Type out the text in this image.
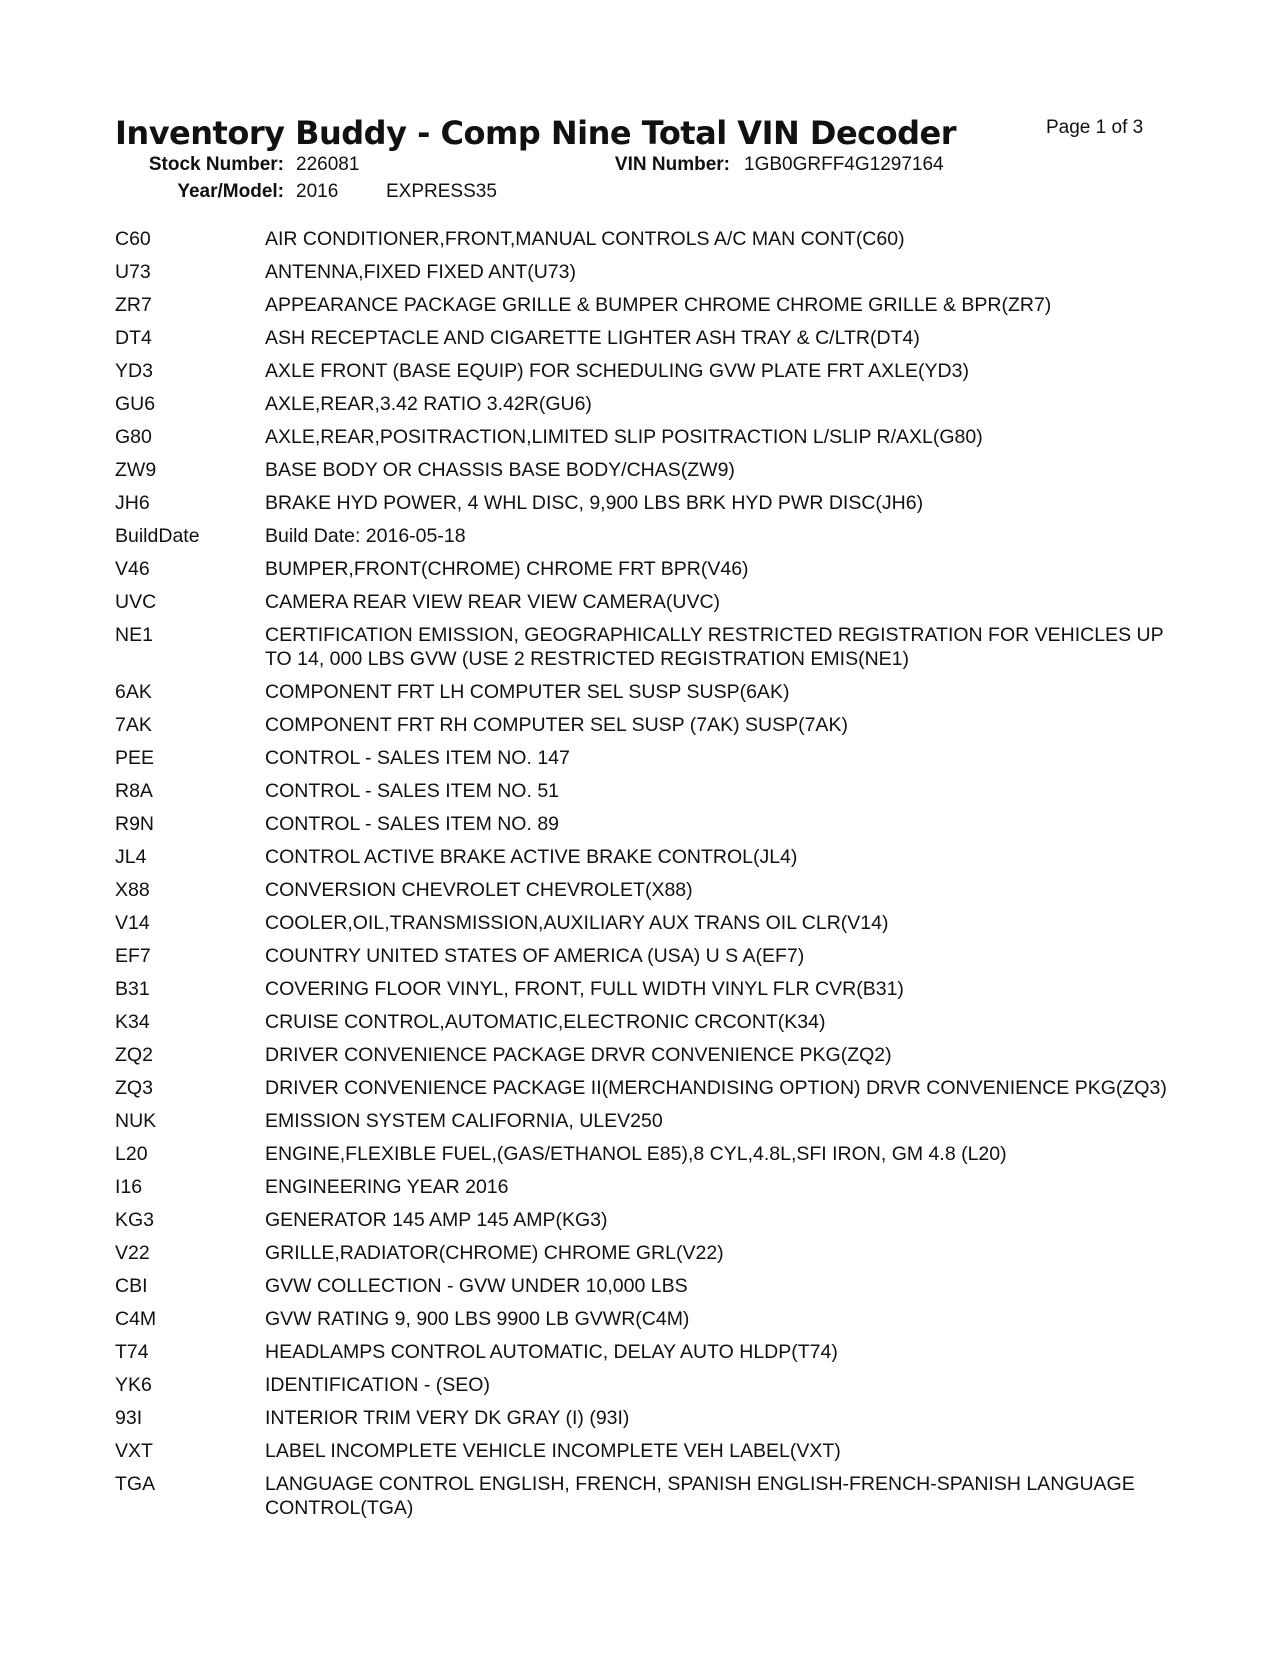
Inventory Buddy - Comp Nine Total VIN Decoder	Page 1 of 3
Stock Number: 226081	VIN Number: 1GB0GRFF4G1297164
Year/Model: 2016	EXPRESS35
C60	AIR CONDITIONER,FRONT,MANUAL CONTROLS A/C MAN CONT(C60)
U73	ANTENNA,FIXED FIXED ANT(U73)
ZR7	APPEARANCE PACKAGE GRILLE & BUMPER CHROME CHROME GRILLE & BPR(ZR7)
DT4	ASH RECEPTACLE AND CIGARETTE LIGHTER ASH TRAY & C/LTR(DT4)
YD3	AXLE FRONT (BASE EQUIP) FOR SCHEDULING GVW PLATE FRT AXLE(YD3)
GU6	AXLE,REAR,3.42 RATIO 3.42R(GU6)
G80	AXLE,REAR,POSITRACTION,LIMITED SLIP POSITRACTION L/SLIP R/AXL(G80)
ZW9	BASE BODY OR CHASSIS BASE BODY/CHAS(ZW9)
JH6	BRAKE HYD POWER, 4 WHL DISC, 9,900 LBS BRK HYD PWR DISC(JH6)
BuildDate	Build Date: 2016-05-18
V46	BUMPER,FRONT(CHROME) CHROME FRT BPR(V46)
UVC	CAMERA REAR VIEW REAR VIEW CAMERA(UVC)
NE1	CERTIFICATION EMISSION, GEOGRAPHICALLY RESTRICTED REGISTRATION FOR VEHICLES UP TO 14, 000 LBS GVW (USE 2 RESTRICTED REGISTRATION EMIS(NE1)
6AK	COMPONENT FRT LH COMPUTER SEL SUSP SUSP(6AK)
7AK	COMPONENT FRT RH COMPUTER SEL SUSP (7AK) SUSP(7AK)
PEE	CONTROL - SALES ITEM NO. 147
R8A	CONTROL - SALES ITEM NO. 51
R9N	CONTROL - SALES ITEM NO. 89
JL4	CONTROL ACTIVE BRAKE ACTIVE BRAKE CONTROL(JL4)
X88	CONVERSION CHEVROLET CHEVROLET(X88)
V14	COOLER,OIL,TRANSMISSION,AUXILIARY AUX TRANS OIL CLR(V14)
EF7	COUNTRY UNITED STATES OF AMERICA (USA) U S A(EF7)
B31	COVERING FLOOR VINYL, FRONT, FULL WIDTH VINYL FLR CVR(B31)
K34	CRUISE CONTROL,AUTOMATIC,ELECTRONIC CRCONT(K34)
ZQ2	DRIVER CONVENIENCE PACKAGE DRVR CONVENIENCE PKG(ZQ2)
ZQ3	DRIVER CONVENIENCE PACKAGE II(MERCHANDISING OPTION) DRVR CONVENIENCE PKG(ZQ3)
NUK	EMISSION SYSTEM CALIFORNIA, ULEV250
L20	ENGINE,FLEXIBLE FUEL,(GAS/ETHANOL E85),8 CYL,4.8L,SFI IRON, GM 4.8 (L20)
I16	ENGINEERING YEAR 2016
KG3	GENERATOR 145 AMP 145 AMP(KG3)
V22	GRILLE,RADIATOR(CHROME) CHROME GRL(V22)
CBI	GVW COLLECTION - GVW UNDER 10,000 LBS
C4M	GVW RATING 9, 900 LBS 9900 LB GVWR(C4M)
T74	HEADLAMPS CONTROL AUTOMATIC, DELAY AUTO HLDP(T74)
YK6	IDENTIFICATION - (SEO)
93I	INTERIOR TRIM VERY DK GRAY (I) (93I)
VXT	LABEL INCOMPLETE VEHICLE INCOMPLETE VEH LABEL(VXT)
TGA	LANGUAGE CONTROL ENGLISH, FRENCH, SPANISH ENGLISH-FRENCH-SPANISH LANGUAGE CONTROL(TGA)
